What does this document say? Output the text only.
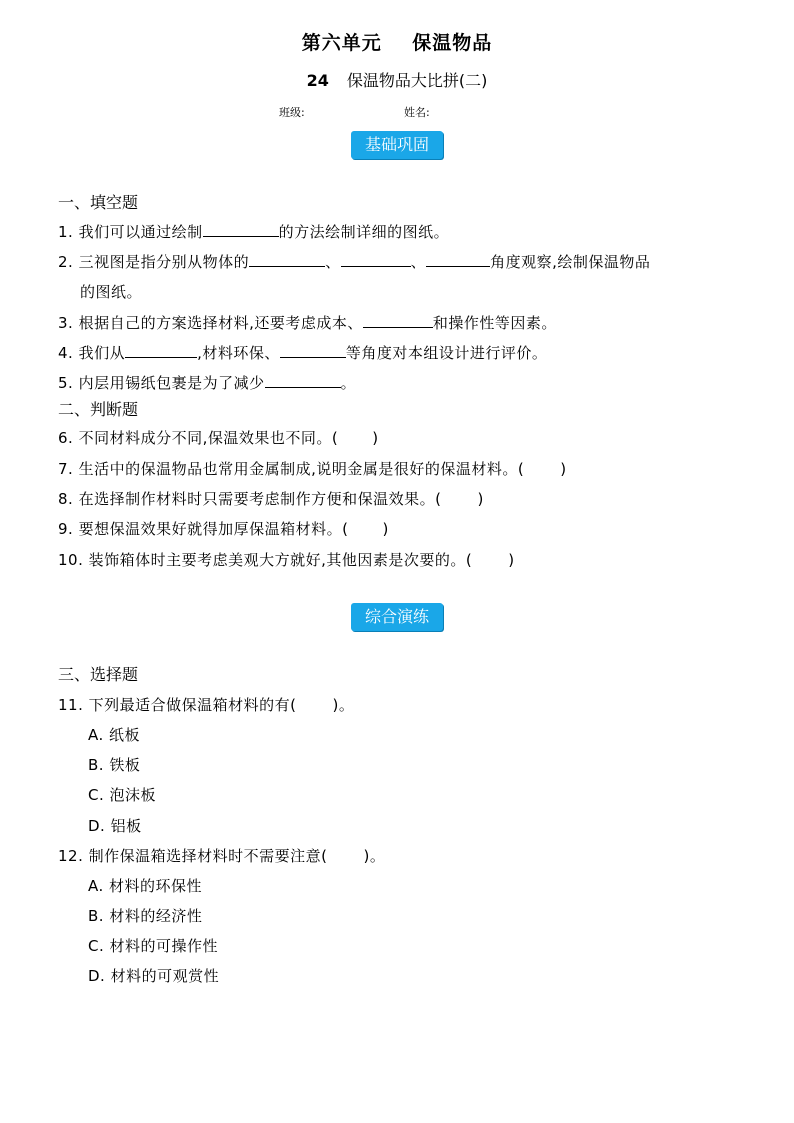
第六单元    保温物品
24 保温物品大比拼(二)
班级:	姓名:
基础巩固
一、填空题
1. 我们可以通过绘制	的方法绘制详细的图纸。
2. 三视图是指分别从物体的	、	、	角度观察,绘制保温物品
的图纸。
3. 根据自己的方案选择材料,还要考虑成本、	和操作性等因素。
4. 我们从	,材料环保、	等角度对本组设计进行评价。
5. 内层用锡纸包裹是为了减少	。
二、判断题
6. 不同材料成分不同,保温效果也不同。( )
7. 生活中的保温物品也常用金属制成,说明金属是很好的保温材料。( )
8. 在选择制作材料时只需要考虑制作方便和保温效果。( )
9. 要想保温效果好就得加厚保温箱材料。( )
10. 装饰箱体时主要考虑美观大方就好,其他因素是次要的。( )
综合演练
三、选择题
11. 下列最适合做保温箱材料的有( )。
A. 纸板
B. 铁板
C. 泡沫板
D. 铝板
12. 制作保温箱选择材料时不需要注意( )。
A. 材料的环保性
B. 材料的经济性
C. 材料的可操作性
D. 材料的可观赏性
